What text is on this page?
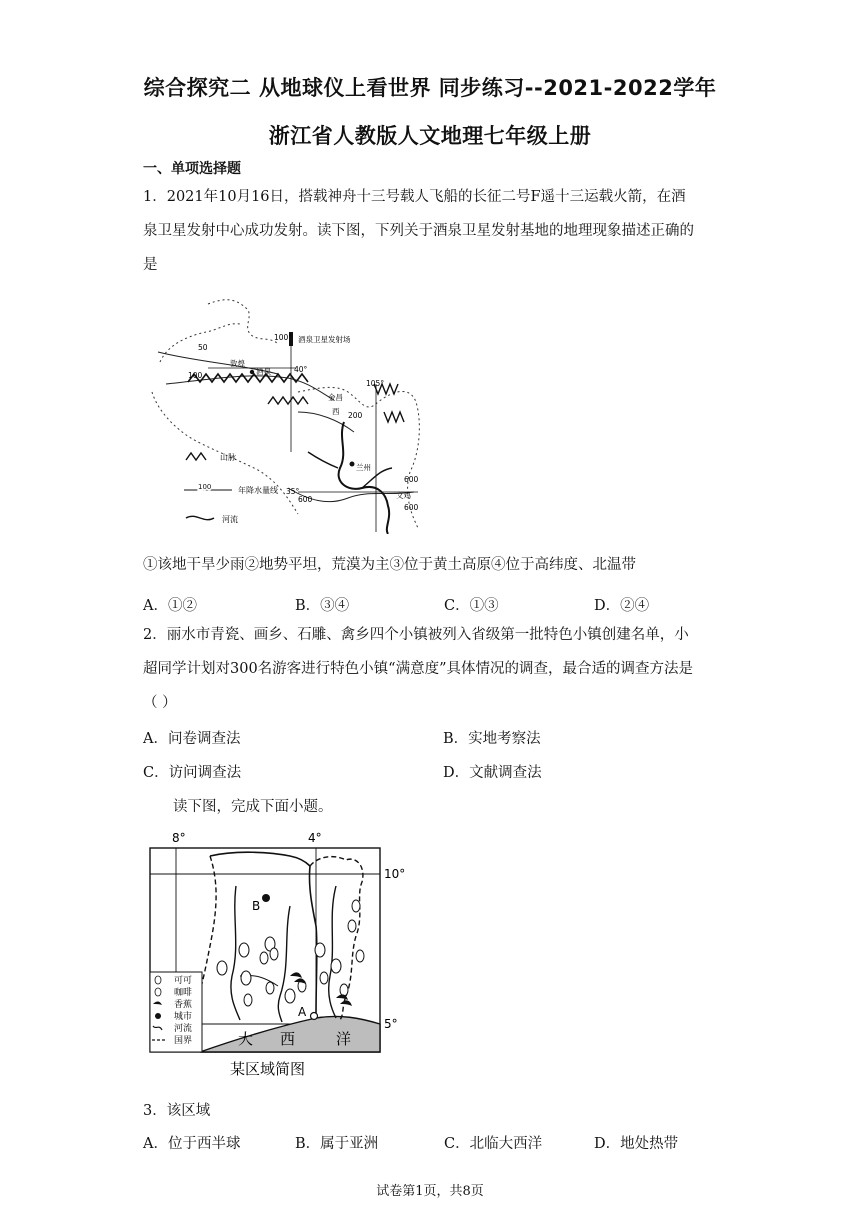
综合探究二 从地球仪上看世界 同步练习--2021-2022学年
浙江省人教版人文地理七年级上册
一、单项选择题
1．2021年10月16日，搭载神舟十三号载人飞船的长征二号F遥十三运载火箭，在酒
泉卫星发射中心成功发射。读下图，下列关于酒泉卫星发射基地的地理现象描述正确的
是
100° 酒泉卫星发射场
50
40°
敦煌
酒泉
100
105°
金昌
西 200
兰州
600
35°
600	文鸡
600
山脉
100	年降水量线
河流
①该地干旱少雨②地势平坦，荒漠为主③位于黄土高原④位于高纬度、北温带
A．①②	B．③④	C．①③	D．②④
2．丽水市青瓷、画乡、石雕、禽乡四个小镇被列入省级第一批特色小镇创建名单，小
超同学计划对300名游客进行特色小镇“满意度”具体情况的调查，最合适的调查方法是
（ ）
A．问卷调查法	B．实地考察法
C．访问调查法	D．文献调查法
读下图，完成下面小题。
8°	4°
10°
5°
大 西	洋
B
A
可可
咖啡
香蕉
城市
河流
国界
某区域简图
3．该区域
A．位于西半球	B．属于亚洲	C．北临大西洋	D．地处热带
试卷第1页，共8页
